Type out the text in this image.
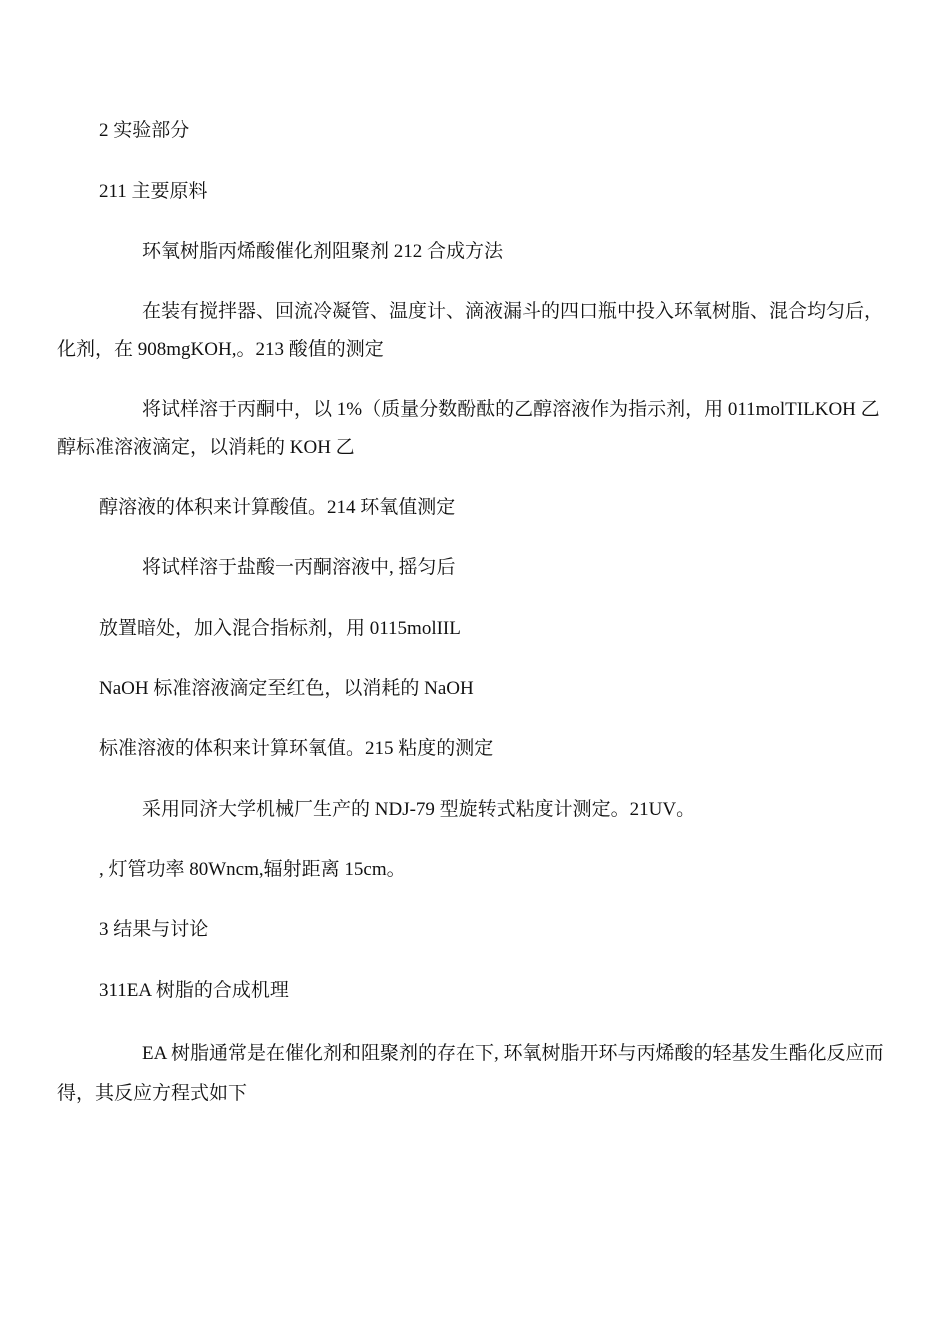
2 实验部分
211 主要原料
环氧树脂丙烯酸催化剂阻聚剂 212 合成方法
在装有搅拌器、回流冷凝管、温度计、滴液漏斗的四口瓶中投入环氧树脂、混合均匀后，
化剂，在 908mgKOH,。213 酸值的测定
将试样溶于丙酮中，以 1%（质量分数酚酞的乙醇溶液作为指示剂，用 011molTILKOH 乙
醇标准溶液滴定，以消耗的 KOH 乙
醇溶液的体积来计算酸值。214 环氧值测定
将试样溶于盐酸一丙酮溶液中, 摇匀后
放置暗处，加入混合指标剂，用 0115molIIL
NaOH 标准溶液滴定至红色，以消耗的 NaOH
标准溶液的体积来计算环氧值。215 粘度的测定
采用同济大学机械厂生产的 NDJ-79 型旋转式粘度计测定。21UV。
, 灯管功率 80Wncm,辐射距离 15cm。
3 结果与讨论
311EA 树脂的合成机理
EA 树脂通常是在催化剂和阻聚剂的存在下, 环氧树脂开环与丙烯酸的轻基发生酯化反应而
得，其反应方程式如下
